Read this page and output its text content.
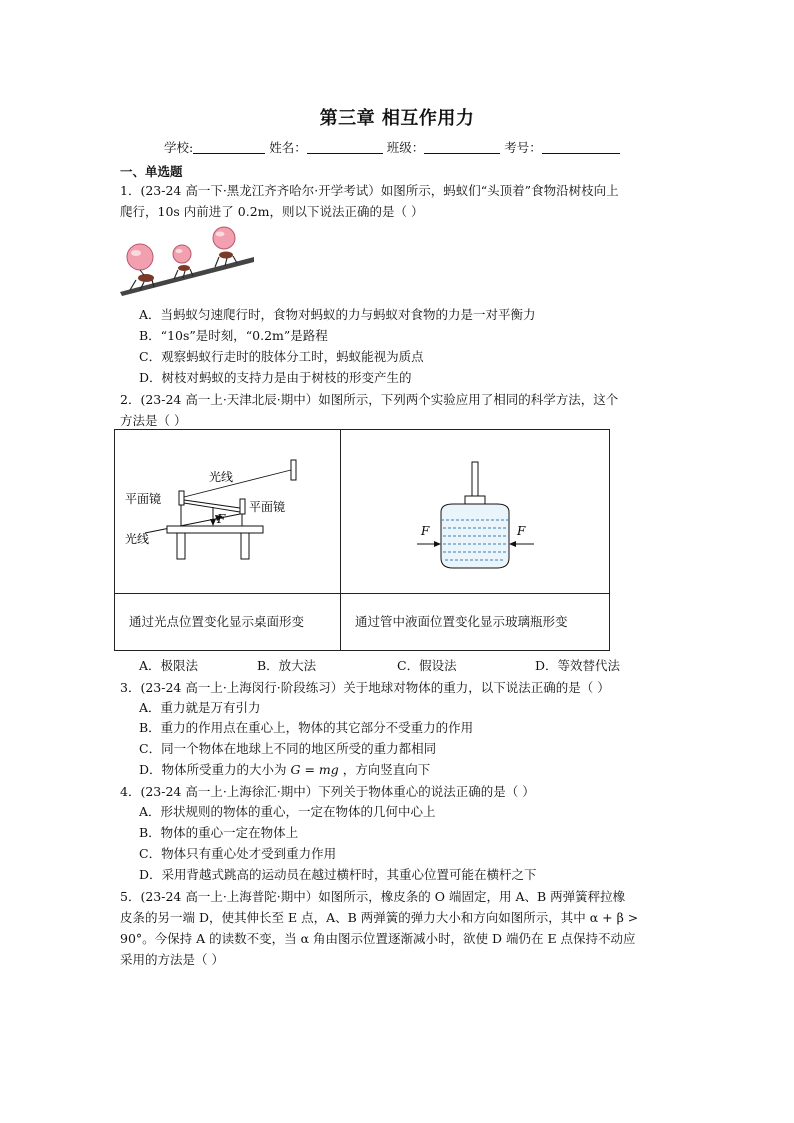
第三章 相互作用力
学校:	姓名：	班级：	考号：
一、单选题
1．(23-24 高一下·黑龙江齐齐哈尔·开学考试）如图所示，蚂蚁们“头顶着”食物沿树枝向上
爬行，10s 内前进了 0.2m，则以下说法正确的是（ ）
A．当蚂蚁匀速爬行时，食物对蚂蚁的力与蚂蚁对食物的力是一对平衡力
B．“10s”是时刻，“0.2m”是路程
C．观察蚂蚁行走时的肢体分工时，蚂蚁能视为质点
D．树枝对蚂蚁的支持力是由于树枝的形变产生的
2．(23-24 高一上·天津北辰·期中）如图所示，下列两个实验应用了相同的科学方法，这个
方法是（ ）
光线
平面镜
平面镜
F
光线
F	F
通过光点位置变化显示桌面形变	通过管中液面位置变化显示玻璃瓶形变
A．极限法	B．放大法	C．假设法	D．等效替代法
3．(23-24 高一上·上海闵行·阶段练习）关于地球对物体的重力，以下说法正确的是（ ）
A．重力就是万有引力
B．重力的作用点在重心上，物体的其它部分不受重力的作用
C．同一个物体在地球上不同的地区所受的重力都相同
D．物体所受重力的大小为 G = mg ，方向竖直向下
4．(23-24 高一上·上海徐汇·期中）下列关于物体重心的说法正确的是（ ）
A．形状规则的物体的重心，一定在物体的几何中心上
B．物体的重心一定在物体上
C．物体只有重心处才受到重力作用
D．采用背越式跳高的运动员在越过横杆时，其重心位置可能在横杆之下
5．(23-24 高一上·上海普陀·期中）如图所示，橡皮条的 O 端固定，用 A、B 两弹簧秤拉橡
皮条的另一端 D，使其伸长至 E 点，A、B 两弹簧的弹力大小和方向如图所示，其中 α + β >
90°。今保持 A 的读数不变，当 α 角由图示位置逐渐减小时，欲使 D 端仍在 E 点保持不动应
采用的方法是（ ）
